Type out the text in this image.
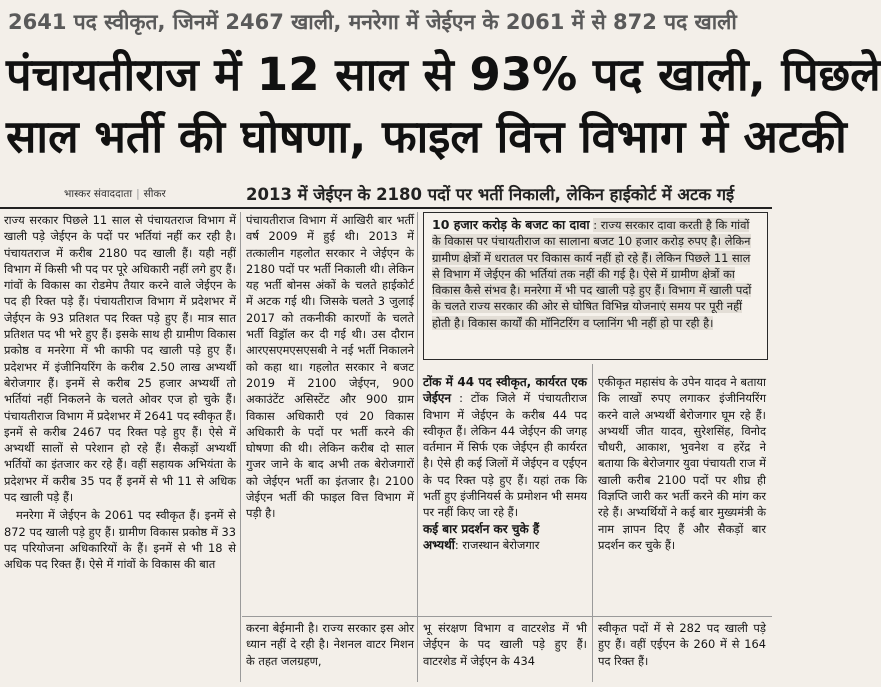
2641 पद स्वीकृत, जिनमें 2467 खाली, मनरेगा में जेईएन के 2061 में से 872 पद खाली
पंचायतीराज में 12 साल से 93% पद खाली, पिछले
साल भर्ती की घोषणा, फाइल वित्त विभाग में अटकी
भास्कर संवाददाता | सीकर	2013 में जेईएन के 2180 पदों पर भर्ती निकाली, लेकिन हाईकोर्ट में अटक गई

राज्य सरकार पिछले 11 साल से पंचायतराज विभाग में खाली पड़े जेईएन के पदों पर भर्तियां नहीं कर रही है। पंचायतराज में करीब 2180 पद खाली हैं। यही नहीं विभाग में किसी भी पद पर पूरे अधिकारी नहीं लगे हुए हैं। गांवों के विकास का रोडमेप तैयार करने वाले जेईएन के पद ही रिक्त पड़े हैं। पंचायतीराज विभाग में प्रदेशभर में जेईएन के 93 प्रतिशत पद रिक्त पड़े हुए हैं। मात्र सात प्रतिशत पद भी भरे हुए हैं। इसके साथ ही ग्रामीण विकास प्रकोष्ठ व मनरेगा में भी काफी पद खाली पड़े हुए हैं। प्रदेशभर में इंजीनियरिंग के करीब 2.50 लाख अभ्यर्थी बेरोजगार हैं। इनमें से करीब 25 हजार अभ्यर्थी तो भर्तियां नहीं निकलने के चलते ओवर एज हो चुके हैं। पंचायतीराज विभाग में प्रदेशभर में 2641 पद स्वीकृत हैं। इनमें से करीब 2467 पद रिक्त पड़े हुए हैं। ऐसे में अभ्यर्थी सालों से परेशान हो रहे हैं। सैकड़ों अभ्यर्थी भर्तियों का इंतजार कर रहे हैं। वहीं सहायक अभियंता के प्रदेशभर में करीब 35 पद हैं इनमें से भी 11 से अधिक पद खाली पड़े हैं।

मनरेगा में जेईएन के 2061 पद स्वीकृत हैं। इनमें से 872 पद खाली पड़े हुए हैं। ग्रामीण विकास प्रकोष्ठ में 33 पद परियोजना अधिकारियों के हैं। इनमें से भी 18 से अधिक पद रिक्त हैं। ऐसे में गांवों के विकास की बात

पंचायतीराज विभाग में आखिरी बार भर्ती वर्ष 2009 में हुई थी। 2013 में तत्कालीन गहलोत सरकार ने जेईएन के 2180 पदों पर भर्ती निकाली थी। लेकिन यह भर्ती बोनस अंकों के चलते हाईकोर्ट में अटक गई थी। जिसके चलते 3 जुलाई 2017 को तकनीकी कारणों के चलते भर्ती विड्रॉल कर दी गई थी। उस दौरान आरएसएमएसएसबी ने नई भर्ती निकालने को कहा था। गहलोत सरकार ने बजट 2019 में 2100 जेईएन, 900 अकाउंटेंट असिस्टेंट और 900 ग्राम विकास अधिकारी एवं 20 विकास अधिकारी के पदों पर भर्ती करने की घोषणा की थी। लेकिन करीब दो साल गुजर जाने के बाद अभी तक बेरोजगारों को जेईएन भर्ती का इंतजार है। 2100 जेईएन भर्ती की फाइल वित्त विभाग में पड़ी है।

10 हजार करोड़ के बजट का दावा : राज्य सरकार दावा करती है कि गांवों के विकास पर पंचायतीराज का सालाना बजट 10 हजार करोड़ रुपए है। लेकिन ग्रामीण क्षेत्रों में धरातल पर विकास कार्य नहीं हो रहे हैं। लेकिन पिछले 11 साल से विभाग में जेईएन की भर्तियां तक नहीं की गई है। ऐसे में ग्रामीण क्षेत्रों का विकास कैसे संभव है। मनरेगा में भी पद खाली पड़े हुए हैं। विभाग में खाली पदों के चलते राज्य सरकार की ओर से घोषित विभिन्न योजनाएं समय पर पूरी नहीं होती है। विकास कार्यों की मॉनिटरिंग व प्लानिंग भी नहीं हो पा रही है।
टोंक में 44 पद स्वीकृत, कार्यरत एक जेईएन : टोंक जिले में पंचायतीराज विभाग में जेईएन के करीब 44 पद स्वीकृत हैं। लेकिन 44 जेईएन की जगह वर्तमान में सिर्फ एक जेईएन ही कार्यरत है। ऐसे ही कई जिलों में जेईएन व एईएन के पद रिक्त पड़े हुए हैं। यहां तक कि भर्ती हुए इंजीनियर्स के प्रमोशन भी समय पर नहीं किए जा रहे हैं।
कई बार प्रदर्शन कर चुके हैं
अभ्यर्थी: राजस्थान बेरोजगार
एकीकृत महासंघ के उपेन यादव ने बताया कि लाखों रुपए लगाकर इंजीनियरिंग करने वाले अभ्यर्थी बेरोजगार घूम रहे हैं। अभ्यर्थी जीत यादव, सुरेशसिंह, विनोद चौधरी, आकाश, भुवनेश व हरेंद्र ने बताया कि बेरोजगार युवा पंचायती राज में खाली करीब 2100 पदों पर शीघ्र ही विज्ञप्ति जारी कर भर्ती करने की मांग कर रहे हैं। अभ्यर्थियों ने कई बार मुख्यमंत्री के नाम ज्ञापन दिए हैं और सैकड़ों बार प्रदर्शन कर चुके हैं।
करना बेईमानी है। राज्य सरकार इस ओर ध्यान नहीं दे रही है। नेशनल वाटर मिशन के तहत जलग्रहण,
भू संरक्षण विभाग व वाटरशेड में भी जेईएन के पद खाली पड़े हुए हैं। वाटरशेड में जेईएन के 434
स्वीकृत पदों में से 282 पद खाली पड़े हुए हैं। वहीं एईएन के 260 में से 164 पद रिक्त हैं।
